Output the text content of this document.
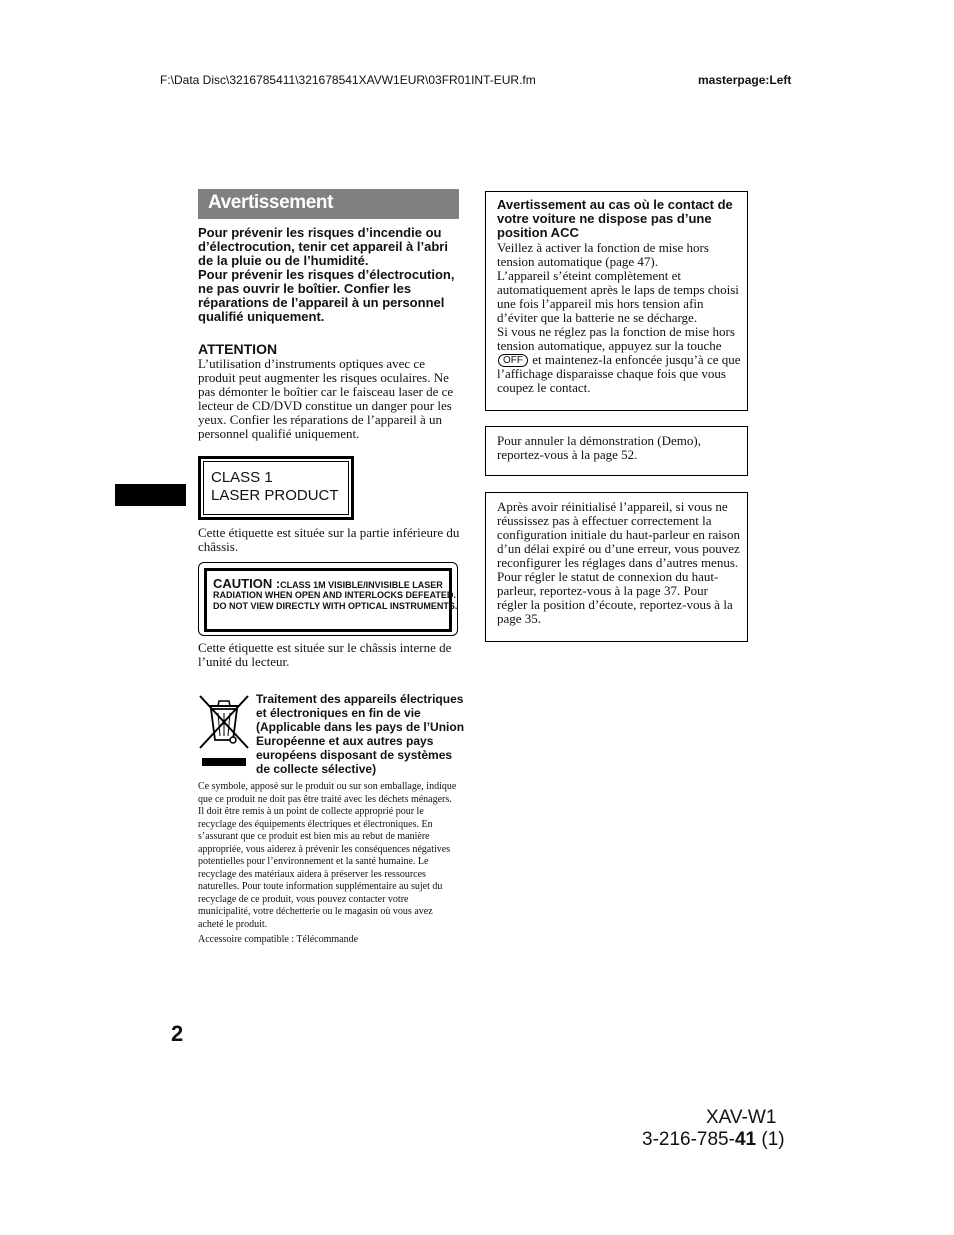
F:\Data Disc\3216785411\321678541XAVW1EUR\03FR01INT-EUR.fm	masterpage:Left
Avertissement
Pour prévenir les risques d’incendie ou d’électrocution, tenir cet appareil à l’abri de la pluie ou de l’humidité.
Pour prévenir les risques d’électrocution, ne pas ouvrir le boîtier. Confier les réparations de l’appareil à un personnel qualifié uniquement.
ATTENTION
L’utilisation d’instruments optiques avec ce produit peut augmenter les risques oculaires. Ne pas démonter le boîtier car le faisceau laser de ce lecteur de CD/DVD constitue un danger pour les yeux. Confier les réparations de l’appareil à un personnel qualifié uniquement.
CLASS 1
LASER PRODUCT
Cette étiquette est située sur la partie inférieure du châssis.
CAUTION :CLASS 1M VISIBLE/INVISIBLE LASER
RADIATION WHEN OPEN AND INTERLOCKS DEFEATED.
DO NOT VIEW DIRECTLY WITH OPTICAL INSTRUMENTS.
Cette étiquette est située sur le châssis interne de l’unité du lecteur.
Traitement des appareils électriques et électroniques en fin de vie (Applicable dans les pays de l’Union Européenne et aux autres pays européens disposant de systèmes de collecte sélective)
Ce symbole, apposé sur le produit ou sur son emballage, indique que ce produit ne doit pas être traité avec les déchets ménagers. Il doit être remis à un point de collecte approprié pour le recyclage des équipements électriques et électroniques. En s’assurant que ce produit est bien mis au rebut de manière appropriée, vous aiderez à prévenir les conséquences négatives potentielles pour l’environnement et la santé humaine. Le recyclage des matériaux aidera à préserver les ressources naturelles. Pour toute information supplémentaire au sujet du recyclage de ce produit, vous pouvez contacter votre municipalité, votre déchetterie ou le magasin où vous avez acheté le produit.
Accessoire compatible : Télécommande
Avertissement au cas où le contact de votre voiture ne dispose pas d’une position ACC
Veillez à activer la fonction de mise hors tension automatique (page 47).
L’appareil s’éteint complètement et automatiquement après le laps de temps choisi une fois l’appareil mis hors tension afin d’éviter que la batterie ne se décharge.
Si vous ne réglez pas la fonction de mise hors tension automatique, appuyez sur la touche OFF et maintenez-la enfoncée jusqu’à ce que l’affichage disparaisse chaque fois que vous coupez le contact.
Pour annuler la démonstration (Demo), reportez-vous à la page 52.
Après avoir réinitialisé l’appareil, si vous ne réussissez pas à effectuer correctement la configuration initiale du haut-parleur en raison d’un délai expiré ou d’une erreur, vous pouvez reconfigurer les réglages dans d’autres menus. Pour régler le statut de connexion du haut-parleur, reportez-vous à la page 37. Pour régler la position d’écoute, reportez-vous à la page 35.
2
XAV-W1
3-216-785-41 (1)
